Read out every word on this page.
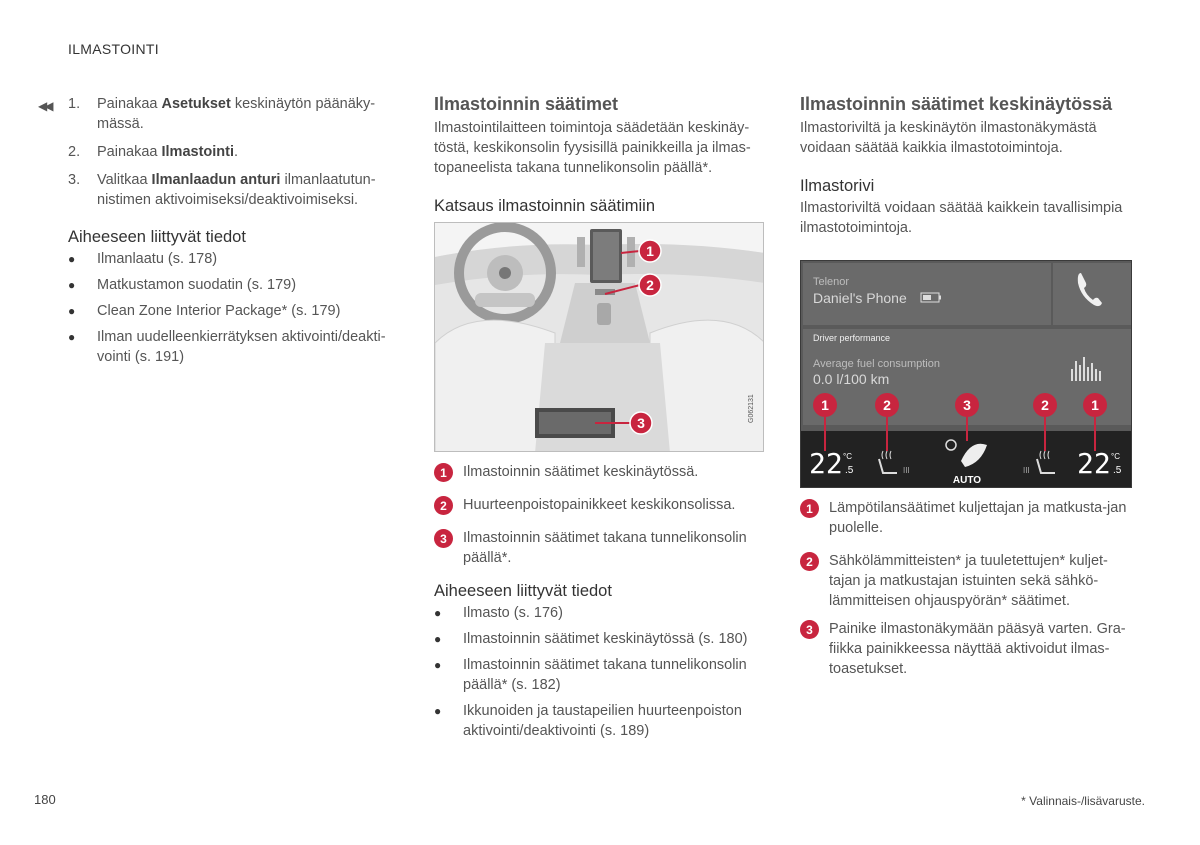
ILMASTOINTI
◀◀ 1.	Painakaa Asetukset keskinäytön päänäky-mässä.
2.	Painakaa Ilmastointi.
3.	Valitkaa Ilmanlaadun anturi ilmanlaatutun-nistimen aktivoimiseksi/deaktivoimiseksi.
Aiheeseen liittyvät tiedot
●
Ilmanlaatu (s. 178)
●
Matkustamon suodatin (s. 179)
●
Clean Zone Interior Package* (s. 179)
●
Ilman uudelleenkierrätyksen aktivointi/deakti-vointi (s. 191)
Ilmastoinnin säätimet

Ilmastointilaitteen toimintoja säädetään keskinäy-töstä, keskikonsolin fyysisillä painikkeilla ja ilmas-topaneelista takana tunnelikonsolin päällä*.

Katsaus ilmastoinnin säätimiin
1
2
3	G062131
1	Ilmastoinnin säätimet keskinäytössä.
2	Huurteenpoistopainikkeet keskikonsolissa.
3	Ilmastoinnin säätimet takana tunnelikonsolin päällä*.
Aiheeseen liittyvät tiedot
●
Ilmasto (s. 176)
●
Ilmastoinnin säätimet keskinäytössä (s. 180)
●
Ilmastoinnin säätimet takana tunnelikonsolin päällä* (s. 182)
●
Ikkunoiden ja taustapeilien huurteenpoiston aktivointi/deaktivointi (s. 189)
Ilmastoinnin säätimet keskinäytössä

Ilmastoriviltä ja keskinäytön ilmastonäkymästä voidaan säätää kaikkia ilmastotoimintoja.

Ilmastorivi

Ilmastoriviltä voidaan säätää kaikkein tavallisimpia ilmastotoimintoja.

Telenor
Daniel's Phone
Driver performance
Average fuel consumption
0.0 l/100 km
1	2	3	2	1
22 °C
.5	III
AUTO
III 22 °C
.5
1	Lämpötilansäätimet kuljettajan ja matkusta-jan puolelle.
2	Sähkölämmitteisten* ja tuuletettujen* kuljet-tajan ja matkustajan istuinten sekä sähkö-lämmitteisen ohjauspyörän* säätimet.
3	Painike ilmastonäkymään pääsyä varten. Gra-fiikka painikkeessa näyttää aktivoidut ilmas-toasetukset.
180	* Valinnais-/lisävaruste.
